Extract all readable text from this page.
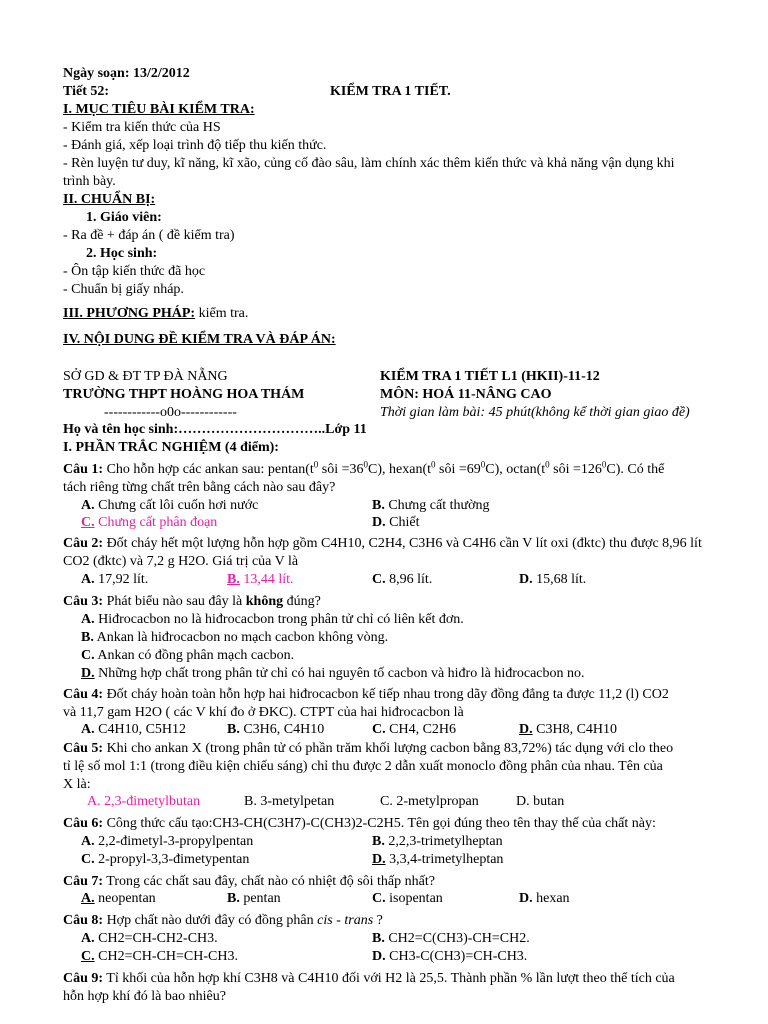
Ngày soạn: 13/2/2012
Tiết 52:	KIỂM TRA 1 TIẾT.
I. MỤC TIÊU BÀI KIỂM TRA:
- Kiểm tra kiến thức của HS
- Đánh giá, xếp loại trình độ tiếp thu kiến thức.
- Rèn luyện tư duy, kĩ năng, kĩ xão, củng cố đào sâu, làm chính xác thêm kiến thức và khả năng vận dụng khi
trình bày.
II. CHUẨN BỊ:
1. Giáo viên:
- Ra đề + đáp án ( đề kiểm tra)
2. Học sinh:
- Ôn tập kiến thức đã học
- Chuẩn bị giấy nháp.
III. PHƯƠNG PHÁP: kiểm tra.
IV. NỘI DUNG ĐỀ KIỂM TRA VÀ ĐÁP ÁN:
SỞ GD & ĐT TP ĐÀ NẴNG	KIỂM TRA 1 TIẾT L1 (HKII)-11-12
TRƯỜNG THPT HOÀNG HOA THÁM	MÔN: HOÁ 11-NÂNG CAO
------------o0o------------	Thời gian làm bài: 45 phút(không kể thời gian giao đề)
Họ và tên học sinh:…………………………..Lớp 11
I. PHẦN TRẮC NGHIỆM (4 điểm):
Câu 1: Cho hỗn hợp các ankan sau: $pentan(t^0$ sôi $=36^0C$), $hexan(t^0$ sôi $=69^0C$), $octan(t^0$ sôi $=126^0C$). Có thể
tách riêng từng chất trên bằng cách nào sau đây?
A. Chưng cất lôi cuốn hơi nước	B. Chưng cất thường
C. Chưng cất phân đoạn	D. Chiết
Câu 2: Đốt cháy hết một lượng hỗn hợp gồm C4H10, C2H4, C3H6 và C4H6 cần V lít oxi (đktc) thu được 8,96 lít
CO2 (đktc) và 7,2 g H2O. Giá trị của V là
A. 17,92 lít.	B. 13,44 lít.	C. 8,96 lít.	D. 15,68 lít.
Câu 3: Phát biểu nào sau đây là không đúng?
A. Hiđrocacbon no là hiđrocacbon trong phân tử chỉ có liên kết đơn.
B. Ankan là hiđrocacbon no mạch cacbon không vòng.
C. Ankan có đồng phân mạch cacbon.
D. Những hợp chất trong phân tử chỉ có hai nguyên tố cacbon và hiđro là hiđrocacbon no.
Câu 4: Đốt cháy hoàn toàn hỗn hợp hai hiđrocacbon kế tiếp nhau trong dãy đồng đẳng ta được 11,2 (l) CO2
và 11,7 gam H2O ( các V khí đo ở ĐKC). CTPT của hai hiđrocacbon là
A. C4H10, C5H12	B. C3H6, C4H10	C. CH4, C2H6	D. C3H8, C4H10
Câu 5: Khi cho ankan X (trong phân tử có phần trăm khối lượng cacbon bằng 83,72%) tác dụng với clo theo
tỉ lệ số mol 1:1 (trong điều kiện chiếu sáng) chỉ thu được 2 dẫn xuất monoclo đồng phân của nhau. Tên của
X là:
A. 2,3-đimetylbutan	B. 3-metylpetan	C. 2-metylpropan	D. butan
Câu 6: Công thức cấu tạo:CH3-CH(C3H7)-C(CH3)2-C2H5. Tên gọi đúng theo tên thay thế của chất này:
A. 2,2-đimetyl-3-propylpentan	B. 2,2,3-trimetylheptan
C. 2-propyl-3,3-đimetypentan	D. 3,3,4-trimetylheptan
Câu 7: Trong các chất sau đây, chất nào có nhiệt độ sôi thấp nhất?
A. neopentan	B. pentan	C. isopentan	D. hexan
Câu 8: Hợp chất nào dưới đây có đồng phân cis - trans ?
A. CH2=CH-CH2-CH3.	B. CH2=C(CH3)-CH=CH2.
C. CH2=CH-CH=CH-CH3.	D. CH3-C(CH3)=CH-CH3.
Câu 9: Tỉ khối của hỗn hợp khí C3H8 và C4H10 đối với H2 là 25,5. Thành phần % lần lượt theo thể tích của
hỗn hợp khí đó là bao nhiêu?
